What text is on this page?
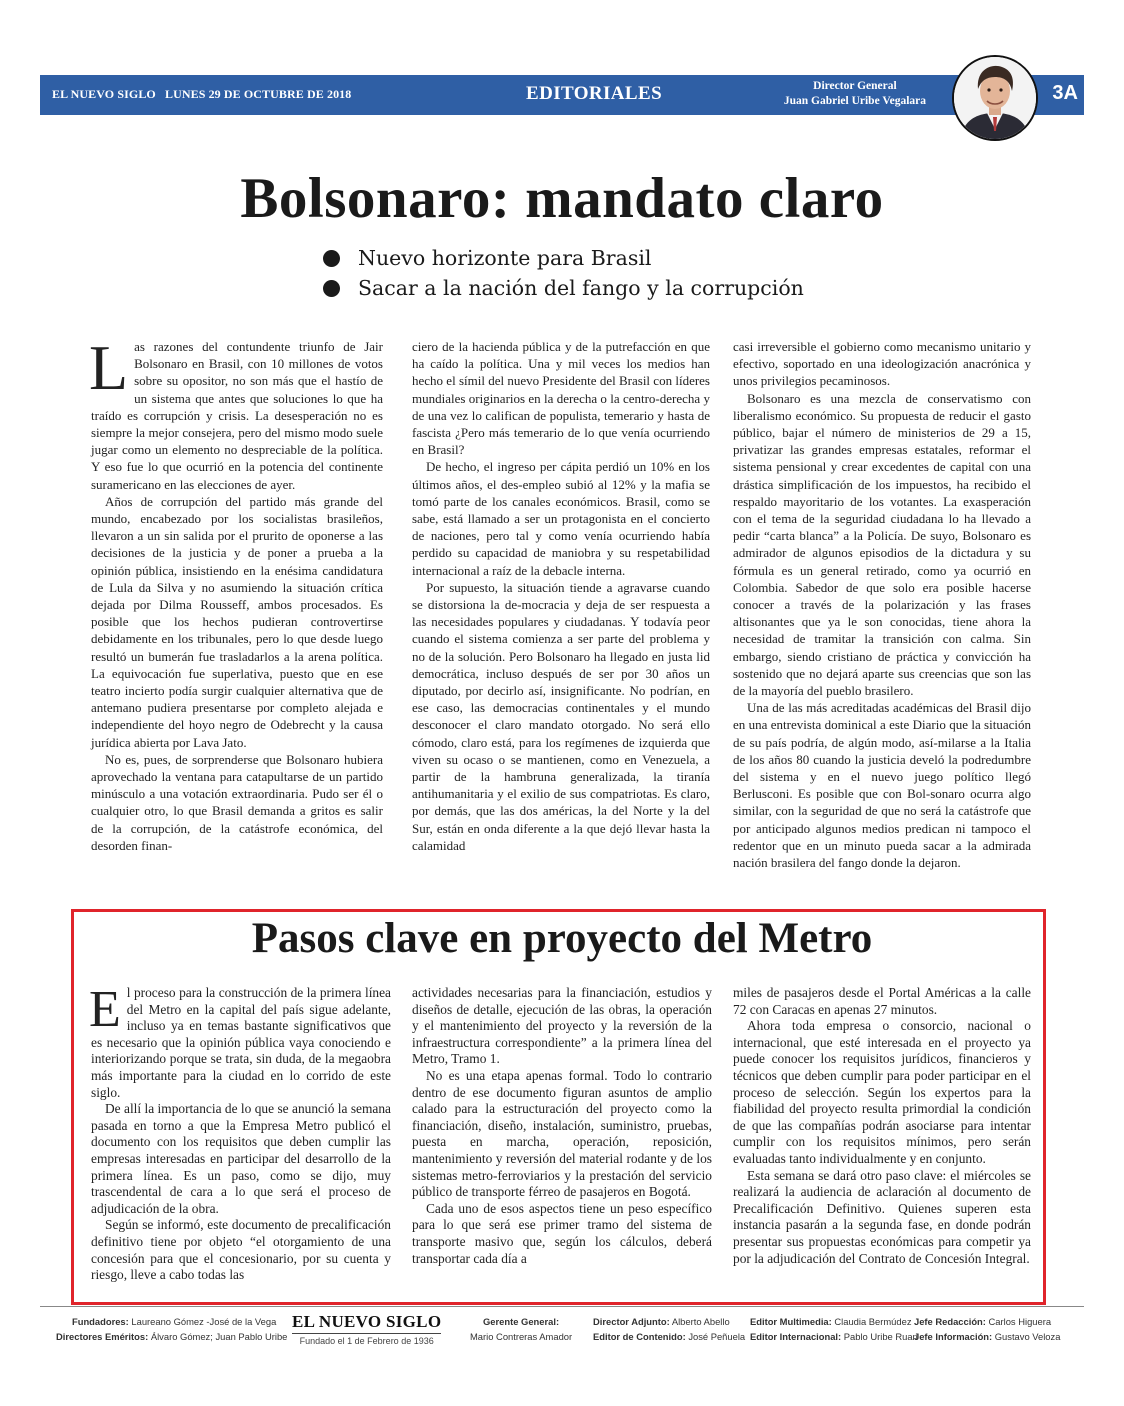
EL NUEVO SIGLO LUNES 29 DE OCTUBRE DE 2018	EDITORIALES	Director General
Juan Gabriel Uribe Vegalara	3A
Bolsonaro: mandato claro
Nuevo horizonte para Brasil
Sacar a la nación del fango y la corrupción

Las razones del contundente triunfo de Jair Bolsonaro en Brasil, con 10 millones de votos sobre su opositor, no son más que el hastío de un sistema que antes que soluciones lo que ha traído es corrupción y crisis. La desesperación no es siempre la mejor consejera, pero del mismo modo suele jugar como un elemento no despreciable de la política. Y eso fue lo que ocurrió en la potencia del continente suramericano en las elecciones de ayer.

Años de corrupción del partido más grande del mundo, encabezado por los socialistas brasileños, llevaron a un sin salida por el prurito de oponerse a las decisiones de la justicia y de poner a prueba a la opinión pública, insistiendo en la enésima candidatura de Lula da Silva y no asumiendo la situación crítica dejada por Dilma Rousseff, ambos procesados. Es posible que los hechos pudieran controvertirse debidamente en los tribunales, pero lo que desde luego resultó un bumerán fue trasladarlos a la arena política. La equivocación fue superlativa, puesto que en ese teatro incierto podía surgir cualquier alternativa que de antemano pudiera presentarse por completo alejada e independiente del hoyo negro de Odebrecht y la causa jurídica abierta por Lava Jato.

No es, pues, de sorprenderse que Bolsonaro hubiera aprovechado la ventana para catapultarse de un partido minúsculo a una votación extraordinaria. Pudo ser él o cualquier otro, lo que Brasil demanda a gritos es salir de la corrupción, de la catástrofe económica, del desorden finan-

ciero de la hacienda pública y de la putrefacción en que ha caído la política. Una y mil veces los medios han hecho el símil del nuevo Presidente del Brasil con líderes mundiales originarios en la derecha o la centro-derecha y de una vez lo califican de populista, temerario y hasta de fascista ¿Pero más temerario de lo que venía ocurriendo en Brasil?

De hecho, el ingreso per cápita perdió un 10% en los últimos años, el des-empleo subió al 12% y la mafia se tomó parte de los canales económicos. Brasil, como se sabe, está llamado a ser un protagonista en el concierto de naciones, pero tal y como venía ocurriendo había perdido su capacidad de maniobra y su respetabilidad internacional a raíz de la debacle interna.

Por supuesto, la situación tiende a agravarse cuando se distorsiona la de-mocracia y deja de ser respuesta a las necesidades populares y ciudadanas. Y todavía peor cuando el sistema comienza a ser parte del problema y no de la solución. Pero Bolsonaro ha llegado en justa lid democrática, incluso después de ser por 30 años un diputado, por decirlo así, insignificante. No podrían, en ese caso, las democracias continentales y el mundo desconocer el claro mandato otorgado. No será ello cómodo, claro está, para los regímenes de izquierda que viven su ocaso o se mantienen, como en Venezuela, a partir de la hambruna generalizada, la tiranía antihumanitaria y el exilio de sus compatriotas. Es claro, por demás, que las dos américas, la del Norte y la del Sur, están en onda diferente a la que dejó llevar hasta la calamidad

casi irreversible el gobierno como mecanismo unitario y efectivo, soportado en una ideologización anacrónica y unos privilegios pecaminosos.

Bolsonaro es una mezcla de conservatismo con liberalismo económico. Su propuesta de reducir el gasto público, bajar el número de ministerios de 29 a 15, privatizar las grandes empresas estatales, reformar el sistema pensional y crear excedentes de capital con una drástica simplificación de los impuestos, ha recibido el respaldo mayoritario de los votantes. La exasperación con el tema de la seguridad ciudadana lo ha llevado a pedir “carta blanca” a la Policía. De suyo, Bolsonaro es admirador de algunos episodios de la dictadura y su fórmula es un general retirado, como ya ocurrió en Colombia. Sabedor de que solo era posible hacerse conocer a través de la polarización y las frases altisonantes que ya le son conocidas, tiene ahora la necesidad de tramitar la transición con calma. Sin embargo, siendo cristiano de práctica y convicción ha sostenido que no dejará aparte sus creencias que son las de la mayoría del pueblo brasilero.

Una de las más acreditadas académicas del Brasil dijo en una entrevista dominical a este Diario que la situación de su país podría, de algún modo, así-milarse a la Italia de los años 80 cuando la justicia develó la podredumbre del sistema y en el nuevo juego político llegó Berlusconi. Es posible que con Bol-sonaro ocurra algo similar, con la seguridad de que no será la catástrofe que por anticipado algunos medios predican ni tampoco el redentor que en un minuto pueda sacar a la admirada nación brasilera del fango donde la dejaron.

Pasos clave en proyecto del Metro

El proceso para la construcción de la primera línea del Metro en la capital del país sigue adelante, incluso ya en temas bastante significativos que es necesario que la opinión pública vaya conociendo e interiorizando porque se trata, sin duda, de la megaobra más importante para la ciudad en lo corrido de este siglo.

De allí la importancia de lo que se anunció la semana pasada en torno a que la Empresa Metro publicó el documento con los requisitos que deben cumplir las empresas interesadas en participar del desarrollo de la primera línea. Es un paso, como se dijo, muy trascendental de cara a lo que será el proceso de adjudicación de la obra.

Según se informó, este documento de precalificación definitivo tiene por objeto “el otorgamiento de una concesión para que el concesionario, por su cuenta y riesgo, lleve a cabo todas las

actividades necesarias para la financiación, estudios y diseños de detalle, ejecución de las obras, la operación y el mantenimiento del proyecto y la reversión de la infraestructura correspondiente” a la primera línea del Metro, Tramo 1.

No es una etapa apenas formal. Todo lo contrario dentro de ese documento figuran asuntos de amplio calado para la estructuración del proyecto como la financiación, diseño, instalación, suministro, pruebas, puesta en marcha, operación, reposición, mantenimiento y reversión del material rodante y de los sistemas metro-ferroviarios y la prestación del servicio público de transporte férreo de pasajeros en Bogotá.

Cada uno de esos aspectos tiene un peso específico para lo que será ese primer tramo del sistema de transporte masivo que, según los cálculos, deberá transportar cada día a

miles de pasajeros desde el Portal Américas a la calle 72 con Caracas en apenas 27 minutos.

Ahora toda empresa o consorcio, nacional o internacional, que esté interesada en el proyecto ya puede conocer los requisitos jurídicos, financieros y técnicos que deben cumplir para poder participar en el proceso de selección. Según los expertos para la fiabilidad del proyecto resulta primordial la condición de que las compañías podrán asociarse para intentar cumplir con los requisitos mínimos, pero serán evaluadas tanto individualmente y en conjunto.

Esta semana se dará otro paso clave: el miércoles se realizará la audiencia de aclaración al documento de Precalificación Definitivo. Quienes superen esta instancia pasarán a la segunda fase, en donde podrán presentar sus propuestas económicas para competir ya por la adjudicación del Contrato de Concesión Integral.

Fundadores: Laureano Gómez -José de la Vega
Directores Eméritos: Álvaro Gómez; Juan Pablo Uribe
EL NUEVO SIGLO
Fundado el 1 de Febrero de 1936
Gerente General:
Mario Contreras Amador
Director Adjunto: Alberto Abello
Editor de Contenido: José Peñuela
Editor Multimedia: Claudia Bermúdez
Editor Internacional: Pablo Uribe Ruan
Jefe Redacción: Carlos Higuera
Jefe Información: Gustavo Veloza
